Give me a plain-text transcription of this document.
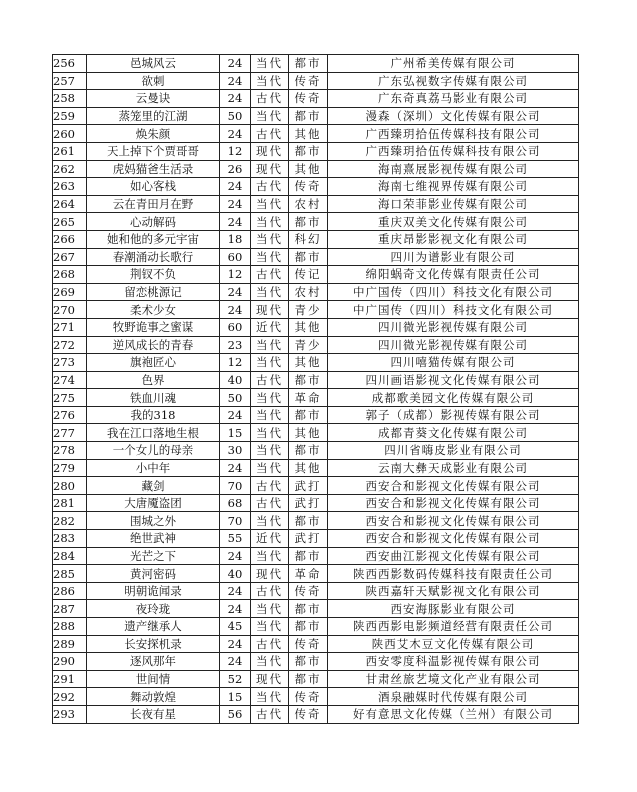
256	邑城风云	24	当代	都市	广州希美传媒有限公司
257	欲刺	24	当代	传奇	广东弘视数字传媒有限公司
258	云曼诀	24	古代	传奇	广东奇真荔马影业有限公司
259	蒸笼里的江湖	50	当代	都市	漫森（深圳）文化传媒有限公司
260	焕朱颜	24	古代	其他	广西臻玥拾伍传媒科技有限公司
261	天上掉下个贾哥哥	12	现代	都市	广西臻玥拾伍传媒科技有限公司
262	虎妈猫爸生活录	26	现代	其他	海南熹展影视传媒有限公司
263	如心客栈	24	古代	传奇	海南七维视界传媒有限公司
264	云在青田月在野	24	当代	农村	海口荣菲影业传媒有限公司
265	心动解码	24	当代	都市	重庆双美文化传媒有限公司
266	她和他的多元宇宙	18	当代	科幻	重庆昂影影视文化有限公司
267	春潮涌动长歌行	60	当代	都市	四川为谱影业有限公司
268	荆钗不负	12	古代	传记	绵阳蜗奇文化传媒有限责任公司
269	留恋桃源记	24	当代	农村	中广国传（四川）科技文化有限公司
270	柔术少女	24	现代	青少	中广国传（四川）科技文化有限公司
271	牧野诡事之蜜谋	60	近代	其他	四川微光影视传媒有限公司
272	逆风成长的青春	23	当代	青少	四川微光影视传媒有限公司
273	旗袍匠心	12	当代	其他	四川嘻猫传媒有限公司
274	色界	40	古代	都市	四川画语影视文化传媒有限公司
275	铁血川魂	50	当代	革命	成都歌美园文化传媒有限公司
276	我的318	24	当代	都市	郭子（成都）影视传媒有限公司
277	我在江口落地生根	15	当代	其他	成都青葵文化传媒有限公司
278	一个女儿的母亲	30	当代	都市	四川省嗨皮影业有限公司
279	小中年	24	当代	其他	云南大彝天成影业有限公司
280	藏剑	70	古代	武打	西安合和影视文化传媒有限公司
281	大唐魇盗团	68	古代	武打	西安合和影视文化传媒有限公司
282	围城之外	70	当代	都市	西安合和影视文化传媒有限公司
283	绝世武神	55	近代	武打	西安合和影视文化传媒有限公司
284	光芒之下	24	当代	都市	西安曲江影视文化传媒有限公司
285	黄河密码	40	现代	革命	陕西西影数码传媒科技有限责任公司
286	明朝诡闻录	24	古代	传奇	陕西嘉轩天赋影视文化有限公司
287	夜玲珑	24	当代	都市	西安海豚影业有限公司
288	遗产继承人	45	当代	都市	陕西西影电影频道经营有限责任公司
289	长安探机录	24	古代	传奇	陕西艾木豆文化传媒有限公司
290	逐风那年	24	当代	都市	西安零度科温影视传媒有限公司
291	世间情	52	现代	都市	甘肃丝旅艺境文化产业有限公司
292	舞动敦煌	15	当代	传奇	酒泉融媒时代传媒有限公司
293	长夜有星	56	古代	传奇	好有意思文化传媒（兰州）有限公司
